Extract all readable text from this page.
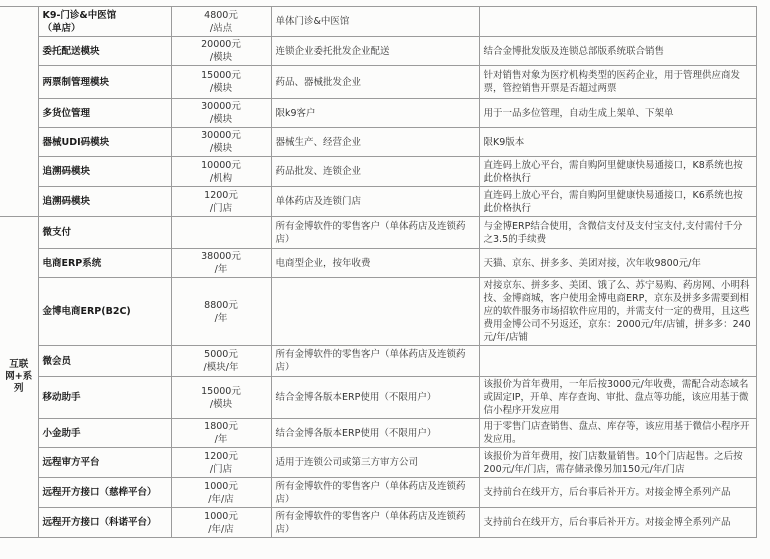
	K9-门诊&中医馆
（单店）	4800元
/站点	单体门诊&中医馆	

	委托配送模块	20000元
/模块	连锁企业委托批发企业配送	结合金博批发版及连锁总部版系统联合销售

	两票制管理模块	15000元
/模块	药品、器械批发企业	针对销售对象为医疗机构类型的医药企业，用于管理供应商发票，管控销售开票是否超过两票

	多货位管理	30000元
/模块	限k9客户	用于一品多位管理，自动生成上架单、下架单

	器械UDI码模块	30000元
/模块	器械生产、经营企业	限K9版本

	追溯码模块	10000元
/机构	药品批发、连锁企业	直连码上放心平台，需自购阿里健康快易通接口，K8系统也按此价格执行

	追溯码模块	1200元
/门店	单体药店及连锁门店	直连码上放心平台，需自购阿里健康快易通接口，K6系统也按此价格执行

互联
网+系
列	微支付		所有金博软件的零售客户（单体药店及连锁药店）	与金博ERP结合使用，含微信支付及支付宝支付,支付需付千分之3.5的手续费

	电商ERP系统	38000元
/年	电商型企业，按年收费	天猫、京东、拼多多、美团对接，次年收9800元/年

	金博电商ERP(B2C)	8800元
/年		对接京东、拼多多、美团、饿了么、苏宁易购、药房网、小明科技、金博商城，客户使用金博电商ERP，京东及拼多多需要到相应的软件服务市场招软件应用的，并需支付一定的费用，且这些费用金博公司不另返还，京东：2000元/年/店铺，拼多多：240元/年/店铺

	微会员	5000元
/模块/年	所有金博软件的零售客户（单体药店及连锁药店）	

	移动助手	15000元
/模块	结合金博各版本ERP使用（不限用户）	该报价为首年费用，一年后按3000元/年收费，需配合动态域名或固定IP，开单、库存查询、审批、盘点等功能，该应用基于微信小程序开发应用

	小金助手	1800元
/年	结合金博各版本ERP使用（不限用户）	用于零售门店查销售、盘点、库存等，该应用基于微信小程序开发应用。

	远程审方平台	1200元
/门店	适用于连锁公司或第三方审方公司	该报价为首年费用，按门店数量销售。10个门店起售。之后按200元/年/门店，需存储录像另加150元/年/门店

	远程开方接口（慈桦平台）	1000元
/年/店	所有金博软件的零售客户（单体药店及连锁药店）	支持前台在线开方，后台事后补开方。对接金博全系列产品

	远程开方接口（科诺平台）	1000元
/年/店	所有金博软件的零售客户（单体药店及连锁药店）	支持前台在线开方，后台事后补开方。对接金博全系列产品
